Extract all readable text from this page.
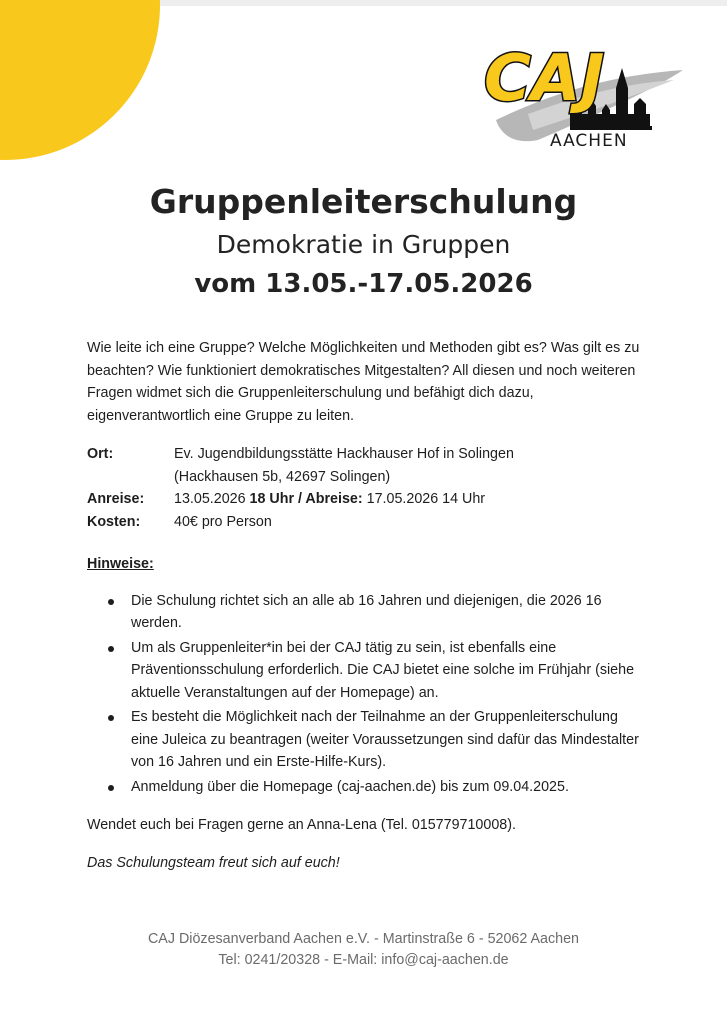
CAJ
AACHEN

Gruppenleiterschulung

Demokratie in Gruppen

vom 13.05.-17.05.2026

Wie leite ich eine Gruppe? Welche Möglichkeiten und Methoden gibt es? Was gilt es zu beachten? Wie funktioniert demokratisches Mitgestalten? All diesen und noch weiteren Fragen widmet sich die Gruppenleiterschulung und befähigt dich dazu, eigenverantwortlich eine Gruppe zu leiten.

Ort:	Ev. Jugendbildungsstätte Hackhauser Hof in Solingen
(Hackhausen 5b, 42697 Solingen)
Anreise:	13.05.2026 18 Uhr / Abreise: 17.05.2026 14 Uhr
Kosten:	40€ pro Person

Hinweise:

Die Schulung richtet sich an alle ab 16 Jahren und diejenigen, die 2026 16 werden.
Um als Gruppenleiter*in bei der CAJ tätig zu sein, ist ebenfalls eine Präventionsschulung erforderlich. Die CAJ bietet eine solche im Frühjahr (siehe aktuelle Veranstaltungen auf der Homepage) an.
Es besteht die Möglichkeit nach der Teilnahme an der Gruppenleiterschulung eine Juleica zu beantragen (weiter Voraussetzungen sind dafür das Mindestalter von 16 Jahren und ein Erste-Hilfe-Kurs).
Anmeldung über die Homepage (caj-aachen.de) bis zum 09.04.2025.

Wendet euch bei Fragen gerne an Anna-Lena (Tel. 015779710008).

Das Schulungsteam freut sich auf euch!

CAJ Diözesanverband Aachen e.V. - Martinstraße 6 - 52062 Aachen
Tel: 0241/20328 - E-Mail: info@caj-aachen.de
